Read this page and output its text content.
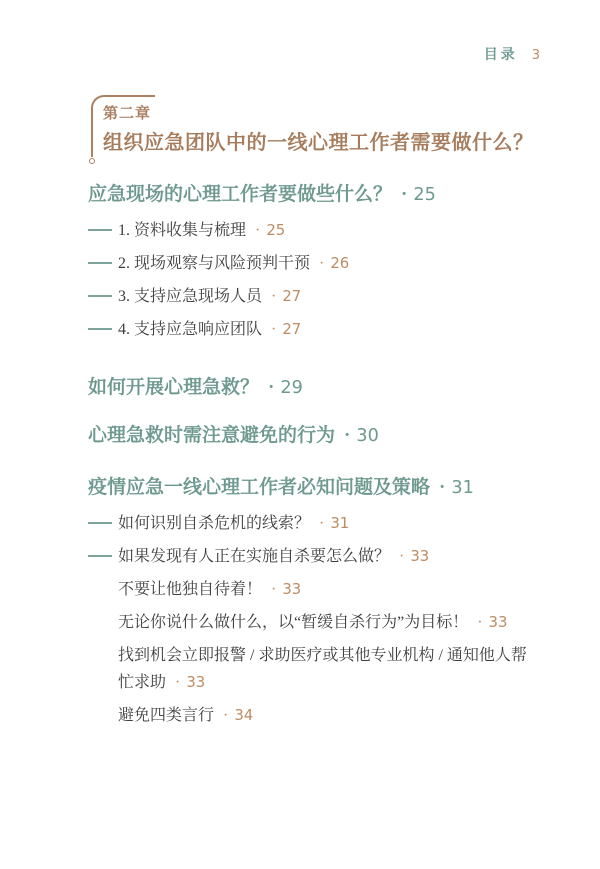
目录 3
第二章
组织应急团队中的一线心理工作者需要做什么？
应急现场的心理工作者要做些什么？ · 25
1. 资料收集与梳理 · 25
2. 现场观察与风险预判干预 · 26
3. 支持应急现场人员 · 27
4. 支持应急响应团队 · 27
如何开展心理急救？ · 29
心理急救时需注意避免的行为 · 30
疫情应急一线心理工作者必知问题及策略 · 31
如何识别自杀危机的线索？ · 31
如果发现有人正在实施自杀要怎么做？ · 33
不要让他独自待着！ · 33
无论你说什么做什么，以“暂缓自杀行为”为目标！ · 33
找到机会立即报警 / 求助医疗或其他专业机构 / 通知他人帮忙求助 · 33
避免四类言行 · 34
